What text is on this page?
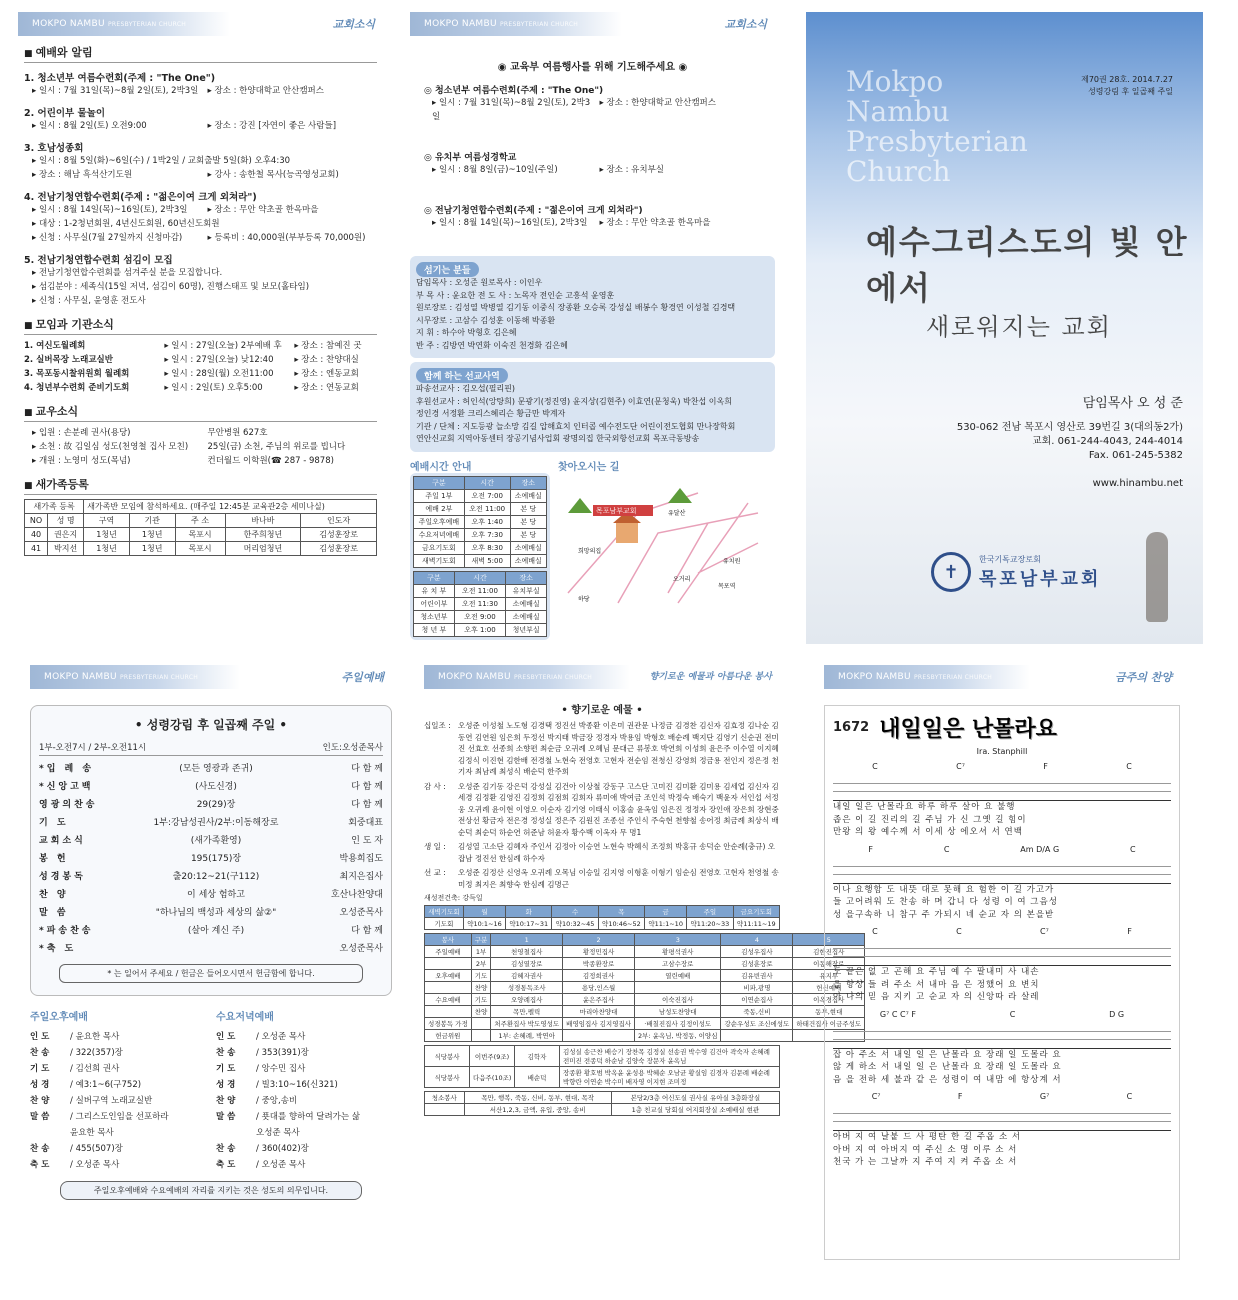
MOKPO NAMBU PRESBYTERIAN CHURCH	교회소식
■ 예배와 알림
1. 청소년부 여름수련회(주제 : "The One")
▸ 일시 : 7월 31일(목)~8월 2일(토), 2박3일	▸ 장소 : 한양대학교 안산캠퍼스
2. 어린이부 물놀이
▸ 일시 : 8월 2일(토) 오전9:00	▸ 장소 : 강진 [자연이 좋은 사람들]
3. 호남성종회
▸ 일시 : 8월 5일(화)~6일(수) / 1박2일 / 교회출발 5일(화) 오후4:30
▸ 장소 : 해남 흑석산기도원	▸ 강사 : 송한철 목사(능곡영성교회)
4. 전남기청연합수련회(주제 : "젊은이여 크게 외쳐라")
▸ 일시 : 8월 14일(목)~16일(토), 2박3일	▸ 장소 : 무안 약초골 한옥마을
▸ 대상 : 1-2청년회원, 4년신도회원, 60년신도회원
▸ 신청 : 사무실(7월 27일까지 신청마감)	▸ 등록비 : 40,000원(부부등록 70,000원)
5. 전남기청연합수련회 섬김이 모집
▸ 전남기청연합수련회를 섬겨주실 분을 모집합니다.
▸ 섬김분야 : 세족식(15일 저녁, 섬김이 60명), 진행스태프 및 보모(홀타임)
▸ 신청 : 사무실, 윤영훈 전도사
■ 모임과 기관소식
1. 여신도월례회	▸ 일시 : 27일(오늘) 2부예배 후	▸ 장소 : 참예진 곳
2. 실버목장 노래교실반	▸ 일시 : 27일(오늘) 낮12:40	▸ 장소 : 찬양대실
3. 목포동시찰위원회 월례회	▸ 일시 : 28일(월) 오전11:00	▸ 장소 : 엔동교회
4. 청년부수련회 준비기도회	▸ 일시 : 2일(토) 오후5:00	▸ 장소 : 연동교회
■ 교우소식
▸ 입원 : 손분례 권사(용당)	무안병원 627호
▸ 소천 : 故 김일심 성도(천영철 집사 모친)	25일(금) 소천, 주님의 위로를 빕니다
▸ 개원 : 노영미 성도(목넘)	컨더월드 이학원(☎ 287 - 9878)
■ 새가족등록
새가족 등록		새가족반 모임에 참석하세요. (매주일 12:45분 교육관2층 세미나실)				
NO	성 명	구역	기관	주 소	바나바	인도자
40	권은지	1청년	1청년	목포시	한주희청년	김성훈장로
41	박지선	1청년	1청년	목포시	머리엄청년	김성훈장로
MOKPO NAMBU PRESBYTERIAN CHURCH	교회소식
◉ 교육부 여름행사를 위해 기도해주세요 ◉
◎ 청소년부 여름수련회(주제 : "The One")
▸ 일시 : 7월 31일(목)~8월 2일(토), 2박3일
▸ 장소 : 한양대학교 안산캠퍼스
◎ 유치부 여름성경학교
▸ 일시 : 8월 8일(금)~10일(주일)	▸ 장소 : 유치부실
◎ 전남기청연합수련회(주제 : "젊은이여 크게 외쳐라")
▸ 일시 : 8월 14일(목)~16일(토), 2박3일	▸ 장소 : 무안 약초골 한옥마을
섬기는 분들
담임목사 : 오성준 원로목사 : 이인우
부 목 사 : 윤요한 전 도 사 : 노목자 전인순 고흥석 윤영훈
원로장로 : 김성열 박병열 김기동 이중식 장종환 오승록 강성실 배봉수 황경연 이성철 김경택
시무장로 : 고삼수 김성훈 이동해 박종환
지 휘 : 하수아 박형호 김은혜
반 주 : 김방연 박연화 이숙진 천경화 김은혜
함께 하는 선교사역
파송선교사 : 김오섭(필리핀)
후원선교사 : 허인석(앙탕희) 문광기(정진영) 윤지상(김현주) 이효연(문청욱) 박찬섭 이옥희
정인경 서정환 크리스혜리슨 황금만 박계자
기관 / 단체 : 지도등광 늘소망 김길 압해효치 인터콥 예수전도단 어린이전도협회 만나장학회
연안신교회 지역아동센터 장공기념사업회 광명의집 한국외항선교회 목포극동방송
예배시간 안내
구분	시간	장소
주일 1부	오전 7:00	소예배실
예배 2부	오전 11:00	본 당
주일오후예배	오후 1:40	본 당
수요저녁예배	오후 7:30	본 당
금요기도회	오후 8:30	소예배실
새벽기도회	새벽 5:00	소예배실
구분	시간	장소
유 치 부	오전 11:00	유치부실
어린이부	오전 11:30	소예배실
청소년부	오전 9:00	소예배실
청 년 부	오후 1:00	청년부실
찾아오시는 길
목포남부교회	유달산
유치원
목포역
오거리
희망의집
하당
Mokpo Nambu Presbyterian Church
제70권 28호. 2014.7.27
성령강림 후 일곱째 주일
예수그리스도의 빛 안에서
새로워지는 교회
담임목사 오 성 준
530-062 전남 목포시 영산로 39번길 3(대의동2가)
교회. 061-244-4043, 244-4014
Fax. 061-245-5382
www.hinambu.net
✝
한국기독교장로회
목포남부교회
MOKPO NAMBU PRESBYTERIAN CHURCH	주일예배
• 성령강림 후 일곱째 주일 •
1부-오전7시 / 2부-오전11시	인도:오성준목사
*입 례 송	(모든 영광과 존귀)	다 함 께
*신앙고백	(사도신경)	다 함 께
영광의찬송	29(29)장	다 함 께
기 도	1부:강남성권사/2부:이동해장로	회중대표
교회소식	(새가족환영)	인 도 자
봉 헌	195(175)장	박용희집도
성경봉독	출20:12~21(구112)	최지은집사
찬 양	이 세상 험하고	호산나찬양대
말 씀	"하나님의 백성과 세상의 삶②"	오성준목사
*파송찬송	(살아 계신 주)	다 함 께
*축 도	오성준목사
* 는 일어서 주세요 / 헌금은 들어오시면서 헌금함에 합니다.
주일오후예배
인 도	/ 윤요한 목사
찬 송	/ 322(357)장
기 도	/ 김선희 권사
성 경	/ 예3:1~6(구752)
찬 양	/ 실버구역 노래교실반
말 씀	/ 그리스도인임을 선포하라
윤요한 목사
찬 송	/ 455(507)장
축 도	/ 오성준 목사
수요저녁예배
인 도	/ 오성준 목사
찬 송	/ 353(391)장
기 도	/ 앙수민 집사
성 경	/ 빌3:10~16(신321)
찬 양	/ 중앙,송비
말 씀	/ 푯대를 향하여 달려가는 삶
오성준 목사
찬 송	/ 360(402)장
축 도	/ 오성준 목사
주일오후예배와 수요예배의 자리를 지키는 것은 성도의 의무입니다.
MOKPO NAMBU PRESBYTERIAN CHURCH	향기로운 예물과 아름다운 봉사
• 향기로운 예물 •
십일조 : 오성준 이성철 노도형 김경택 정진선 박종환 이은미 권관문 나정금 김경찬 김신자 김효정 김나순 김동연 김연원 임은희 두정선 박지태 박금장 정경자 박용임 박형호 배순례 백지단 김영기 신순권 전미진 선효호 선종희 소향편 최순금 오귀례 오혜님 문대근 류봉호 박연희 이성희 윤은주 이수열 이지혜 김정식 이진현 김한배 전경철 노현숙 전영호 고현자 전순임 전청신 강영희 정금용 전인지 정은정 천기자 최남례 최성식 배순덕 한주희
감 사 :	오성준 김기동 강은덕 강성실 김건아 이상철 강동구 고스단 고미진 김미환 김미용 김세업 김신자 김세경 김정환 김영진 김정희 김점희 김희자 류미애 박여금 조인석 박정숙 배숙기 백윤자 서인섭 서정웅 오귀례 윤이현 이영오 이순자 김기영 이태식 이홍술 윤옥임 임은진 정정자 장인애 장은희 장현중 전상선 황금자 전은경 정성실 정은주 김원진 조종선 주인식 주숙현 천향철 송어정 최금례 최상식 배순덕 최순덕 하순연 허준남 허윤자 황수백 이옥자 무 명1
생 일 :	김성열 고소단 김혜자 주인서 김정아 이승연 노현숙 박혜식 조정희 박홍규 송덕순 안순례(충규) 오잡남 정진선 한심례 하수자
선 교 :	오성준 김정산 신영옥 오귀례 오목님 이승일 김지영 이형훈 이형기 임순심 전영호 고현자 천영철 송미정 최지은 최향숙 한심례 김명근
새성전건축: 강득일
새벽기도회	월	화	수	목	금	주일	금요기도회
기도회	약10:1~16	약10:17~31	약10:32~45	약10:46~52	약11:1~10	약11:20~33	약11:11~19
봉사	구분	1	2	3	4	5
주일예배	1부	천영철집사	황정민집사	황평석권사	김성우집사	김한진집사
	2부	김성열장로	박종환장로	고삼수장로	김성훈장로	이동해장로
오후예배	기도	김혜자권사	김정희권사	열린예배	김유빈권사	유지부
	찬양	성경통독조사	용당,인스월		비파,광명	헌신예배
수요예배	기도	오양례집사	윤은주집사	이숙진집사	이연순집사	이옥경집사
	찬양	목만,펠릭	마리아찬양대	남성도찬양대	죽동,신비	동부,현대
성경봉독 가정		처주환집사 박도영성도	배영임집사 김지영집사	·배칠진집사 김정이성도	강순우성도 조신에성도	하태건집사 이금주성도
헌금위원		1부: 손혜례, 박연아		2부: 윤옥님, 박정동, 이양심		
식당봉사	이번주(9조)	김학자	김성실 송근찬 배승기 장찬목 김정실 선송권 박수영 김건아 곽숙자 손혜례 전미진 전종덕 하순남 김양숙 장문자 윤옥님
식당봉사	다음주(10조)	배순덕	장종환 황호범 박옥윤 윤성용 박혜순 오남균 황실임 김경자 김문례 배순례 박향란 이연순 박수미 배자영 이지현 조미정
청소봉사	목만, 행복, 죽동, 신비, 동부, 현대, 목작	본당2/3층 어신도실 권사실 유아실 3층화장실
	서산1,2,3, 금액, 유입, 중앙, 송비	1층 친교실 당회실 어지회장실 소예배실 현관
MOKPO NAMBU PRESBYTERIAN CHURCH	금주의 찬양
1672 내일일은 난몰라요
Ira. Stanphill
C	C⁷	F	C
내일 일은 난몰라요 하루 하루 살아 요 불행
좁은 이 길 진리의 길 주님 가 신 그옛 길 힘이
만왕 의 왕 예수께 서 이세 상 에오셔 서 연백
F	C	Am D/A G	C
이나 요행함 도 내뜻 대로 못해 요 험한 이 길 가고가
들 고어려워 도 찬송 하 며 갑니 다 성령 이 여 그음성
성 을구속하 니 참구 주 가되시 네 순교 자 의 본을받
C	C	C⁷	F
도 끝은 없 고 곤해 요 주님 예 수 팔내미 사 내손
을 항상 들 려 주소 서 내마 음 은 정했어 요 변치
아 나의 믿 음 지키 고 순교 자 의 신앙따 라 살레
G⁷ C C⁷ F	C	D G
잡 아 주소 서 내일 일 은 난몰라 요 장래 일 도몰라 요
않 게 하소 서 내일 일 은 난몰라 요 장래 일 도몰라 요
음 을 전하 세 불과 같 은 성령이 여 내맘 에 항상계 서
C⁷	F	G⁷	C
아버 지 여 날붙 드 사 평탄 한 길 주옵 소 서
아버 지 여 아버지 여 주신 소 명 이루 소 서
천국 가 는 그날까 지 주여 지 켜 주옵 소 서
